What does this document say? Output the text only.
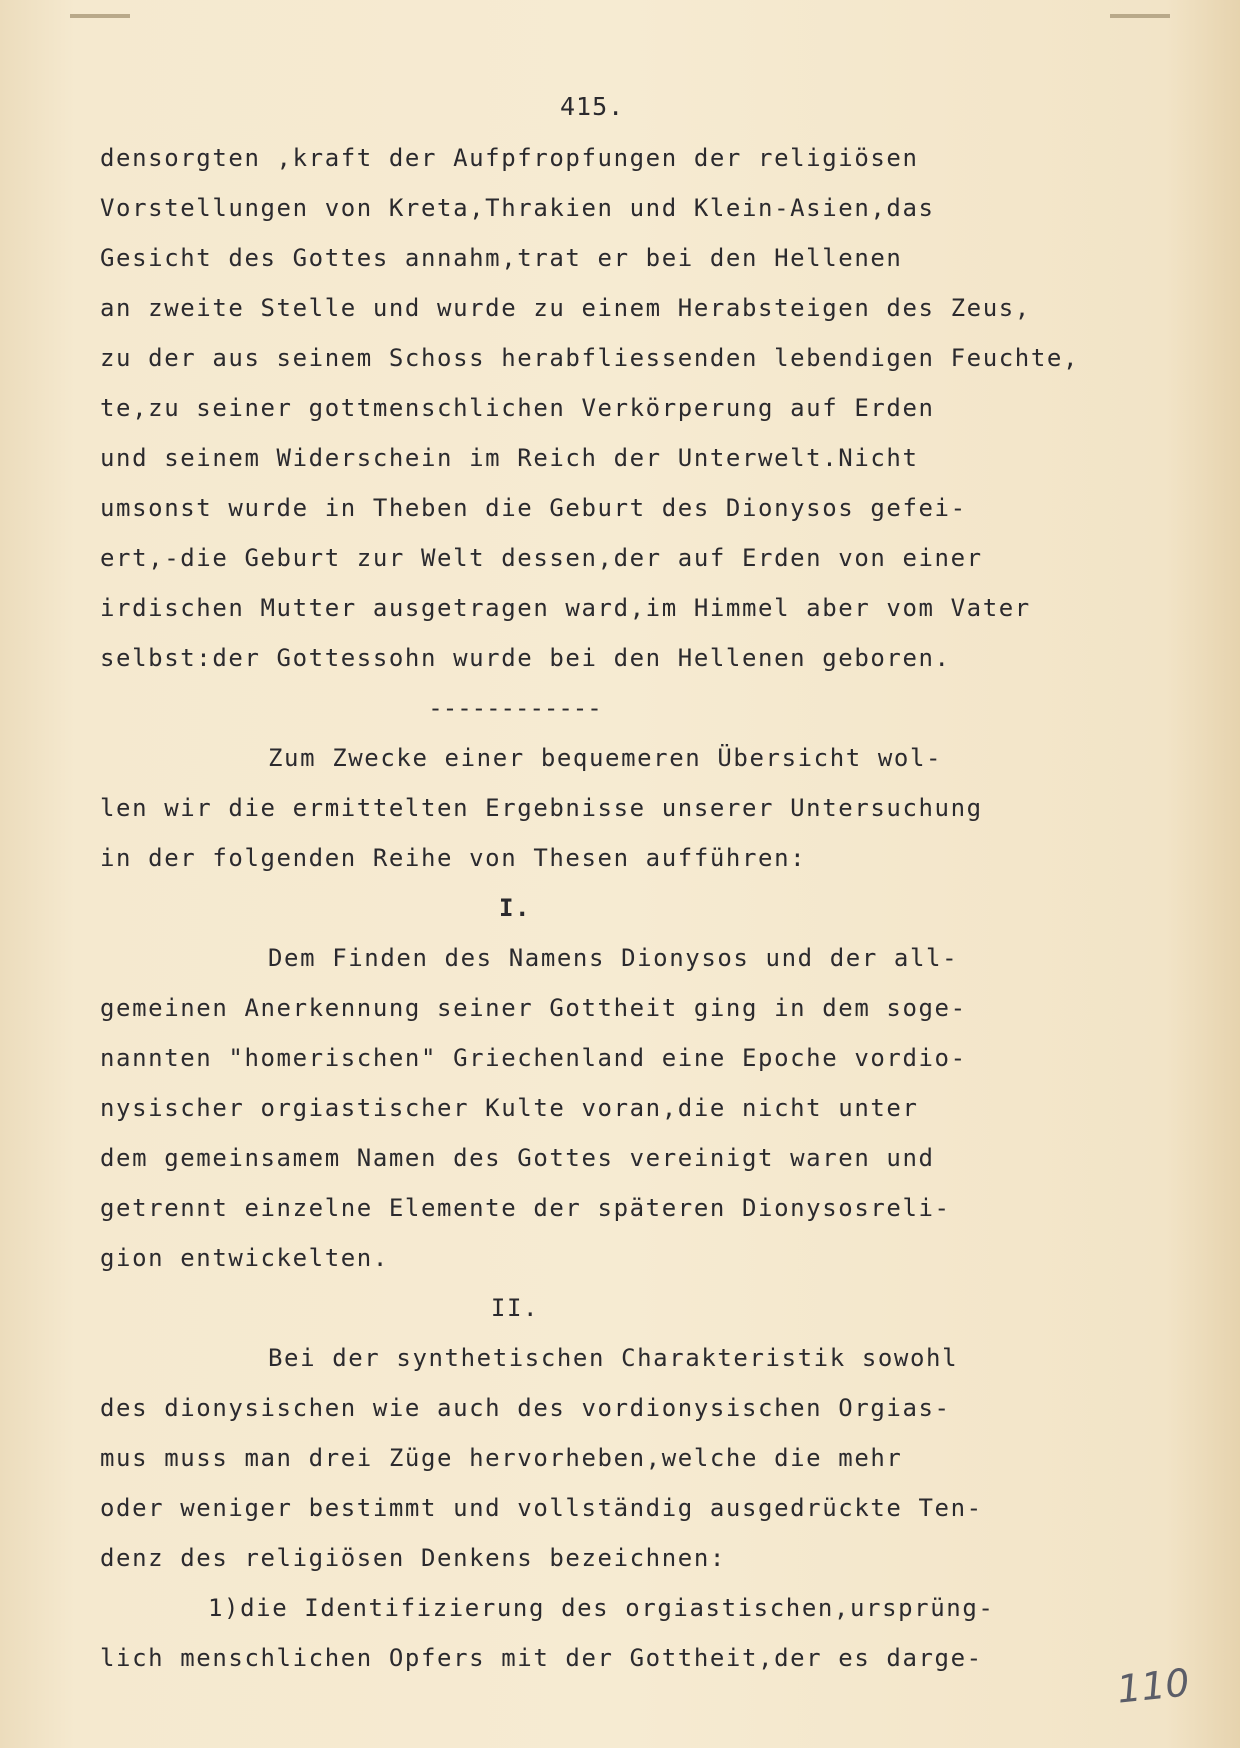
415.
densorgten ,kraft der Aufpfropfungen der religiösen
Vorstellungen von Kreta,Thrakien und Klein-Asien,das
Gesicht des Gottes annahm,trat er bei den Hellenen
an zweite Stelle und wurde zu einem Herabsteigen des Zeus,
zu der aus seinem Schoss herabfliessenden lebendigen Feuchte,
te,zu seiner gottmenschlichen Verkörperung auf Erden
und seinem Widerschein im Reich der Unterwelt.Nicht
umsonst wurde in Theben die Geburt des Dionysos gefei-
ert,-die Geburt zur Welt dessen,der auf Erden von einer
irdischen Mutter ausgetragen ward,im Himmel aber vom Vater
selbst:der Gottessohn wurde bei den Hellenen geboren.
------------
Zum Zwecke einer bequemeren Übersicht wol-
len wir die ermittelten Ergebnisse unserer Untersuchung
in der folgenden Reihe von Thesen aufführen:
I.
Dem Finden des Namens Dionysos und der all-
gemeinen Anerkennung seiner Gottheit ging in dem soge-
nannten "homerischen" Griechenland eine Epoche vordio-
nysischer orgiastischer Kulte voran,die nicht unter
dem gemeinsamem Namen des Gottes vereinigt waren und
getrennt einzelne Elemente der späteren Dionysosreli-
gion entwickelten.
II.
Bei der synthetischen Charakteristik sowohl
des dionysischen wie auch des vordionysischen Orgias-
mus muss man drei Züge hervorheben,welche die mehr
oder weniger bestimmt und vollständig ausgedrückte Ten-
denz des religiösen Denkens bezeichnen:
1)die Identifizierung des orgiastischen,ursprüng-
lich menschlichen Opfers mit der Gottheit,der es darge-
110
